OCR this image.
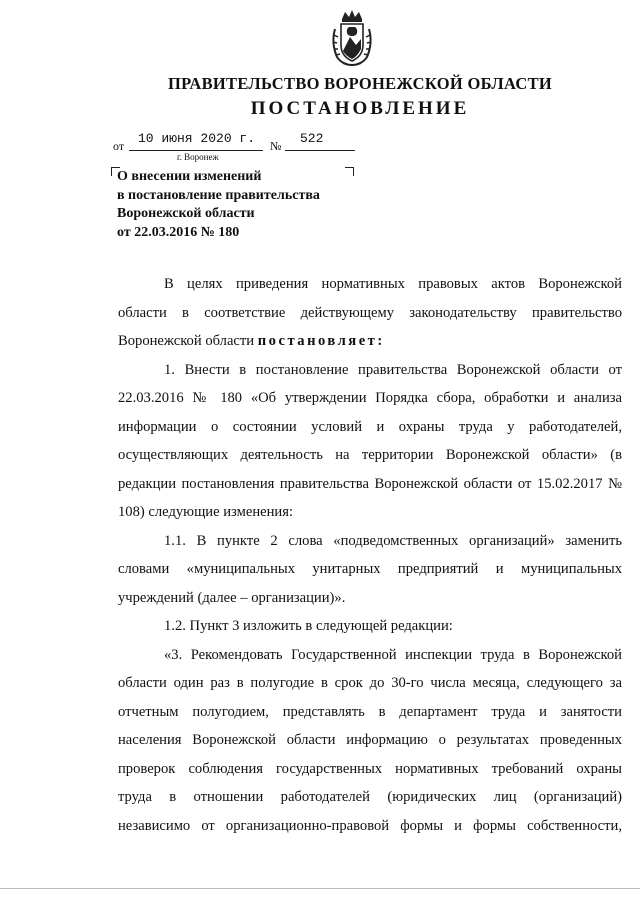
ПРАВИТЕЛЬСТВО ВОРОНЕЖСКОЙ ОБЛАСТИ
ПОСТАНОВЛЕНИЕ
от 10 июня 2020 г. № 522
г. Воронеж
О внесении изменений
в постановление правительства
Воронежской области
от 22.03.2016 № 180
В целях приведения нормативных правовых актов Воронежской
области в соответствие действующему законодательству правительство
Воронежской области постановляет:
1. Внести в постановление правительства Воронежской области от
22.03.2016 № 180 «Об утверждении Порядка сбора, обработки и анализа
информации о состоянии условий и охраны труда у работодателей,
осуществляющих деятельность на территории Воронежской области» (в
редакции постановления правительства Воронежской области от 15.02.2017 №
108) следующие изменения:
1.1. В пункте 2 слова «подведомственных организаций» заменить
словами «муниципальных унитарных предприятий и муниципальных
учреждений (далее – организации)».
1.2. Пункт 3 изложить в следующей редакции:
«3. Рекомендовать Государственной инспекции труда в Воронежской
области один раз в полугодие в срок до 30-го числа месяца, следующего за
отчетным полугодием, представлять в департамент труда и занятости
населения Воронежской области информацию о результатах проведенных
проверок соблюдения государственных нормативных требований охраны
труда в отношении работодателей (юридических лиц (организаций)
независимо от организационно-правовой формы и формы собственности,
